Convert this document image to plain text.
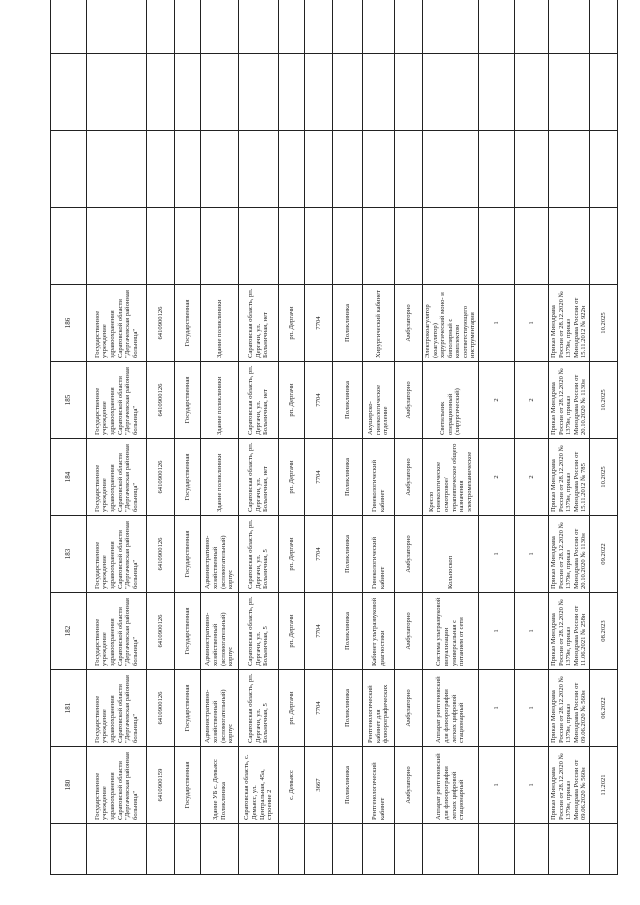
	180	181	182	183	184	185	186				
	Государственное учреждение здравоохранения Саратовской области "Дергачевская районная больница"	Государственное учреждение здравоохранения Саратовской области "Дергачевская районная больница"	Государственное учреждение здравоохранения Саратовской области "Дергачевская районная больница"	Государственное учреждение здравоохранения Саратовской области "Дергачевская районная больница"	Государственное учреждение здравоохранения Саратовской области "Дергачевская районная больница"	Государственное учреждение здравоохранения Саратовской области "Дергачевская районная больница"	Государственное учреждение здравоохранения Саратовской области "Дергачевская районная больница"				
	6410900159	6410900126	6410900126	6410900126	6410900126	6410900126	6410900126				
	Государственная	Государственная	Государственная	Государственная	Государственная	Государственная	Государственная				
	Здание УБ с. Демьясс Поликлиника	Административно-хозяйственный (вспомогательный) корпус	Административно-хозяйственный (вспомогательный) корпус	Административно-хозяйственный (вспомогательный) корпус	Здание поликлиники	Здание поликлиники	Здание поликлиники				
	Саратовская область, с. Демьясс, ул. Центральная, 45а, строение 2	Саратовская область, рп. Дергачи, ул. Больничная, 5	Саратовская область, рп. Дергачи, ул. Больничная, 5	Саратовская область, рп. Дергачи, ул. Больничная, 5	Саратовская область, рп. Дергачи, ул. Больничная, нет	Саратовская область, рп. Дергачи, ул. Больничная, нет	Саратовская область, рп. Дергачи, ул. Больничная, нет				
	с. Демьясс	рп. Дергачи	рп. Дергачи	рп. Дергачи	рп. Дергачи	рп. Дергачи	рп. Дергачи				
	3667	7704	7704	7704	7704	7704	7704				
	Поликлиника	Поликлиника	Поликлиника	Поликлиника	Поликлиника	Поликлиника	Поликлиника				
	Рентгенологический кабинет	Рентгенологический кабинет для флюорографических	Кабинет ультразвуковой диагностики	Гинекологический кабинет	Гинекологический кабинет	Акушерско-гинекологическое отделение	Хирургический кабинет				
	Амбулаторно	Амбулаторно	Амбулаторно	Амбулаторно	Амбулаторно	Амбулаторно	Амбулаторно				
	Аппарат рентгеновский для флюорографии легких цифровой стационарный	Аппарат рентгеновский для флюорографии легких цифровой стационарный	Система ультразвуковой визуализации универсальная с питанием от сети	Кольпоскоп	Кресло гинекологическое осмотровое/терапевтическое общего назначения электромеханическое	Светильник операционный (хирургический)	Электрокоагулятор (коагулятор) хирургический моно- и биполярный с комплектом соответствующего инструментария				
	1	1	1	1	2	2	1				
	1	1	1	1	2	2	1				
	Приказ Минздрава России от 28.12.2020 № 1379н, приказ Минздрава России от 09.06.2020 № 560н	Приказ Минздрава России от 28.12.2020 № 1379н, приказ Минздрава России от 09.06.2020 № 560н	Приказ Минздрава России от 28.12.2020 № 1379н, приказ Минздрава России от 11.06.2021 № 258н	Приказ Минздрава России от 28.12.2020 № 1379н, приказ Минздрава России от 20.10.2020 № 1130н	Приказ Минздрава России от 28.12.2020 № 1379н, приказ Минздрава России от 15.11.2012 № 785	Приказ Минздрава России от 28.12.2020 № 1379н, приказ Минздрава России от 20.10.2020 № 1130н	Приказ Минздрава России от 28.12.2020 № 1379н, приказ Минздрава России от 15.11.2012 № 922н				
	11.2021	06.2022	08.2023	09.2022	10.2025	10.2025	10.2025				
